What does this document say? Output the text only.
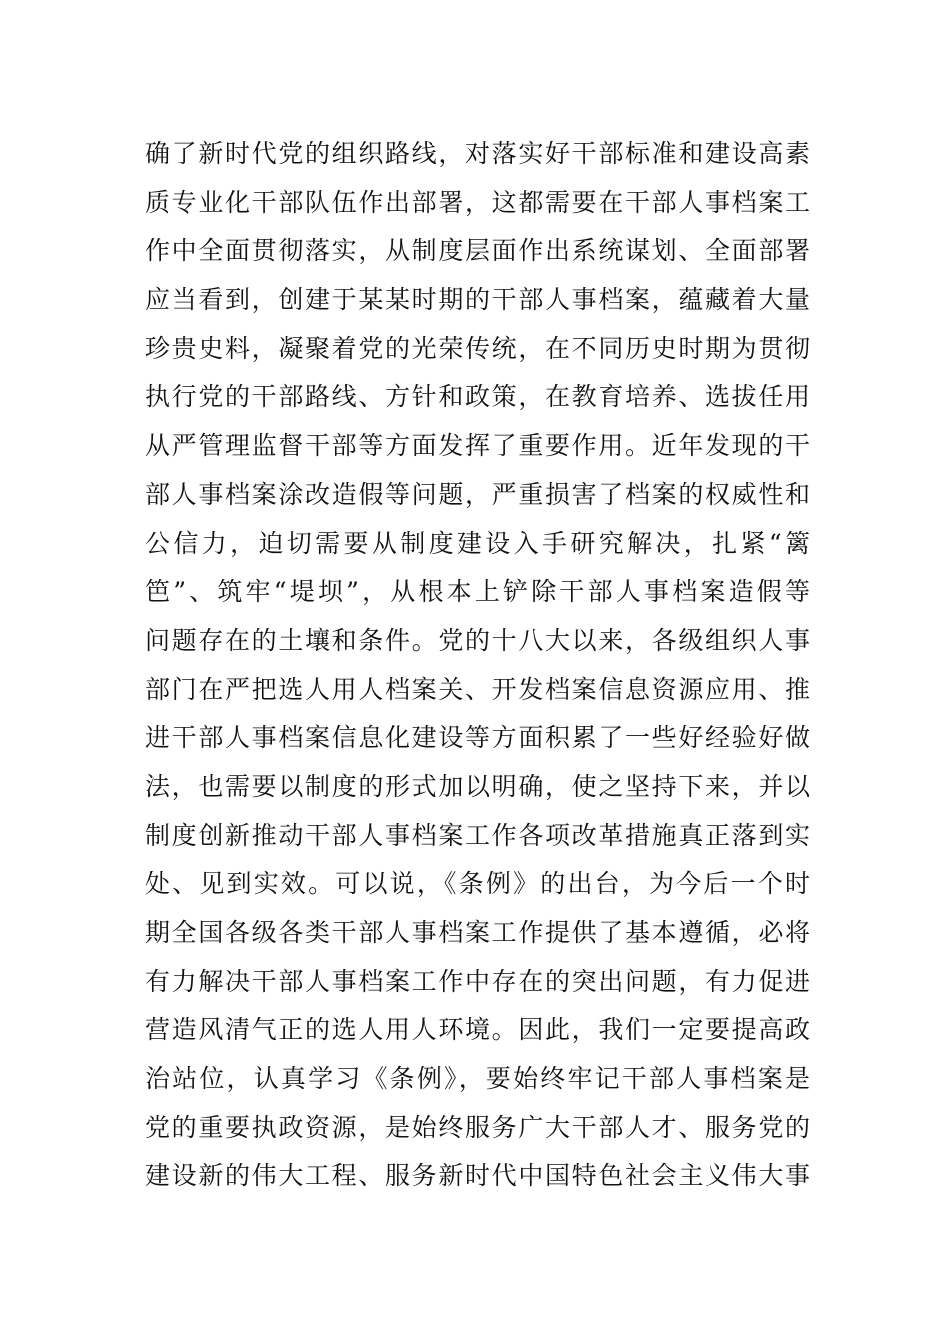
确了新时代党的组织路线，对落实好干部标准和建设高素
质专业化干部队伍作出部署，这都需要在干部人事档案工
作中全面贯彻落实，从制度层面作出系统谋划、全面部署
应当看到，创建于某某时期的干部人事档案，蕴藏着大量
珍贵史料，凝聚着党的光荣传统，在不同历史时期为贯彻
执行党的干部路线、方针和政策，在教育培养、选拔任用
从严管理监督干部等方面发挥了重要作用。近年发现的干
部人事档案涂改造假等问题，严重损害了档案的权威性和
公信力，迫切需要从制度建设入手研究解决，扎紧“篱
笆”、筑牢“堤坝”，从根本上铲除干部人事档案造假等
问题存在的土壤和条件。党的十八大以来，各级组织人事
部门在严把选人用人档案关、开发档案信息资源应用、推
进干部人事档案信息化建设等方面积累了一些好经验好做
法，也需要以制度的形式加以明确，使之坚持下来，并以
制度创新推动干部人事档案工作各项改革措施真正落到实
处、见到实效。可以说，《条例》的出台，为今后一个时
期全国各级各类干部人事档案工作提供了基本遵循，必将
有力解决干部人事档案工作中存在的突出问题，有力促进
营造风清气正的选人用人环境。因此，我们一定要提高政
治站位，认真学习《条例》，要始终牢记干部人事档案是
党的重要执政资源，是始终服务广大干部人才、服务党的
建设新的伟大工程、服务新时代中国特色社会主义伟大事
